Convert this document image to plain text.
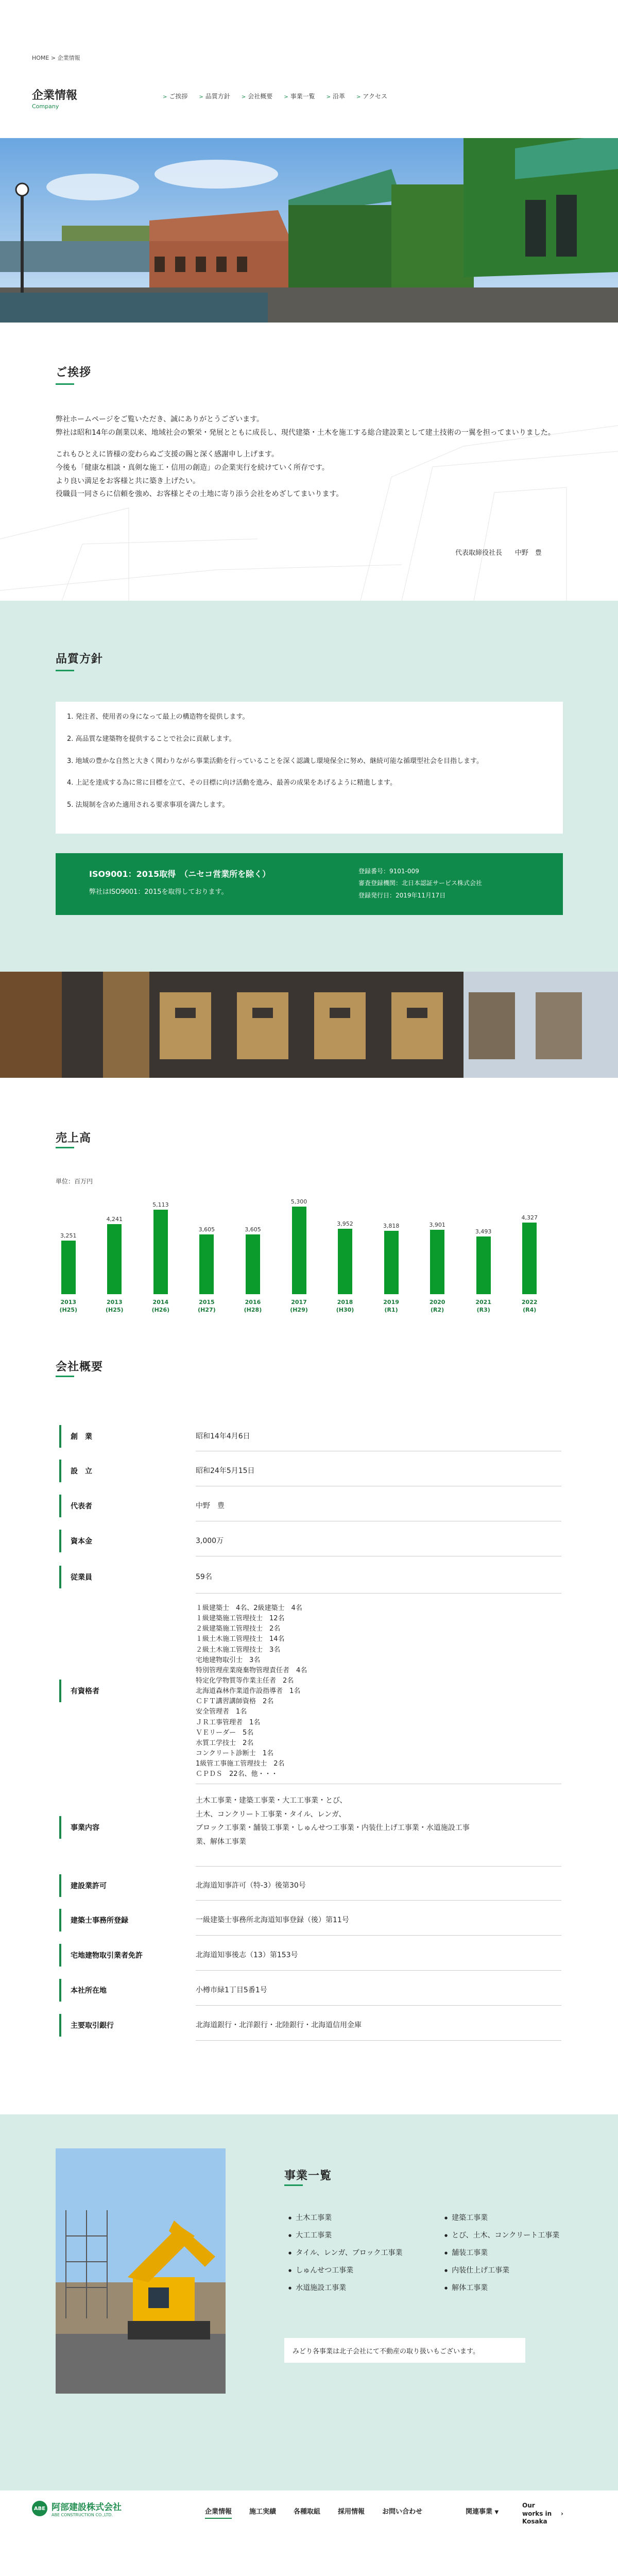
HOME > 企業情報
企業情報
Company
> ご挨拶 > 品質方針 > 会社概要 > 事業一覧 > 沿革 > アクセス
ご挨拶
弊社ホームページをご覧いただき、誠にありがとうございます。
弊社は昭和14年の創業以来、地域社会の繁栄・発展とともに成長し、現代建築・土木を施工する総合建設業として建土技術の一翼を担ってまいりました。
これもひとえに皆様の変わらぬご支援の賜と深く感謝申し上げます。
今後も「健康な相談・真剣な施工・信用の創造」の企業実行を続けていく所存です。
より良い満足をお客様と共に築き上げたい。
役職員一同さらに信頼を強め、お客様とその土地に寄り添う会社をめざしてまいります。
代表取締役社長 中野　豊
品質方針
1. 発注者、使用者の身になって最上の構造物を提供します。
2. 高品質な建築物を提供することで社会に貢献します。
3. 地域の豊かな自然と大きく関わりながら事業活動を行っていることを深く認識し環境保全に努め、継続可能な循環型社会を目指します。
4. 上記を達成する為に常に目標を立て、その目標に向け活動を進み、最善の成果をあげるように精進します。
5. 法規制を含めた適用される要求事項を満たします。
ISO9001：2015取得　（ニセコ営業所を除く）
弊社はISO9001：2015を取得しております。
登録番号：9101-009
審査登録機関：北日本認証サービス株式会社
登録発行日：2019年11月17日
売上高
単位：百万円
3,251
2013
(H25)
4,241
2013
(H25)
5,113
2014
(H26)
3,605
2015
(H27)
3,605
2016
(H28)
5,300
2017
(H29)
3,952
2018
(H30)
3,818
2019
(R1)
3,901
2020
(R2)
3,493
2021
(R3)
4,327
2022
(R4)
会社概要
創　業	昭和14年4月6日
設　立	昭和24年5月15日
代表者	中野　豊
資本金	3,000万
従業員	59名
有資格者
１級建築士　4名、2級建築士　4名
１級建築施工管理技士　12名
２級建築施工管理技士　2名
１級土木施工管理技士　14名
２級土木施工管理技士　3名
宅地建物取引士　3名
特別管理産業廃棄物管理責任者　4名
特定化学物質等作業主任者　2名
北海道森林作業道作設指導者　1名
ＣＦＴ講習講師資格　2名
安全管理者　1名
ＪＲ工事管理者　1名
ＶＥリーダー　5名
水質工学技士　2名
コンクリート診断士　1名
1級管工事施工管理技士　2名
ＣＰＤＳ　22名、他・・・
事業内容
土木工事業・建築工事業・大工工事業・とび、
土木、コンクリート工事業・タイル、レンガ、
ブロック工事業・舗装工事業・しゅんせつ工事業・内装仕上げ工事業・水道施設工事
業、解体工事業
建設業許可	北海道知事許可（特-3）後第30号
建築士事務所登録	一級建築士事務所北海道知事登録（後）第11号
宅地建物取引業者免許	北海道知事後志（13）第153号
本社所在地	小樽市緑1丁目5番1号
主要取引銀行	北海道銀行・北洋銀行・北陸銀行・北海道信用金庫
事業一覧
● 土木工事業
● 大工工事業
● タイル、レンガ、ブロック工事業
● しゅんせつ工事業
● 水道施設工事業
● 建築工事業
● とび、土木、コンクリート工事業
● 舗装工事業
● 内装仕上げ工事業
● 解体工事業
みどり各事業は北子会社にて不動産の取り扱いもございます。
ABE 阿部建設株式会社
ABE CONSTRUCTION CO.,LTD.	企業情報	施工実績	各種取組	採用情報	お問い合わせ	関連事業 ▼
Our works in Kosaka
›
